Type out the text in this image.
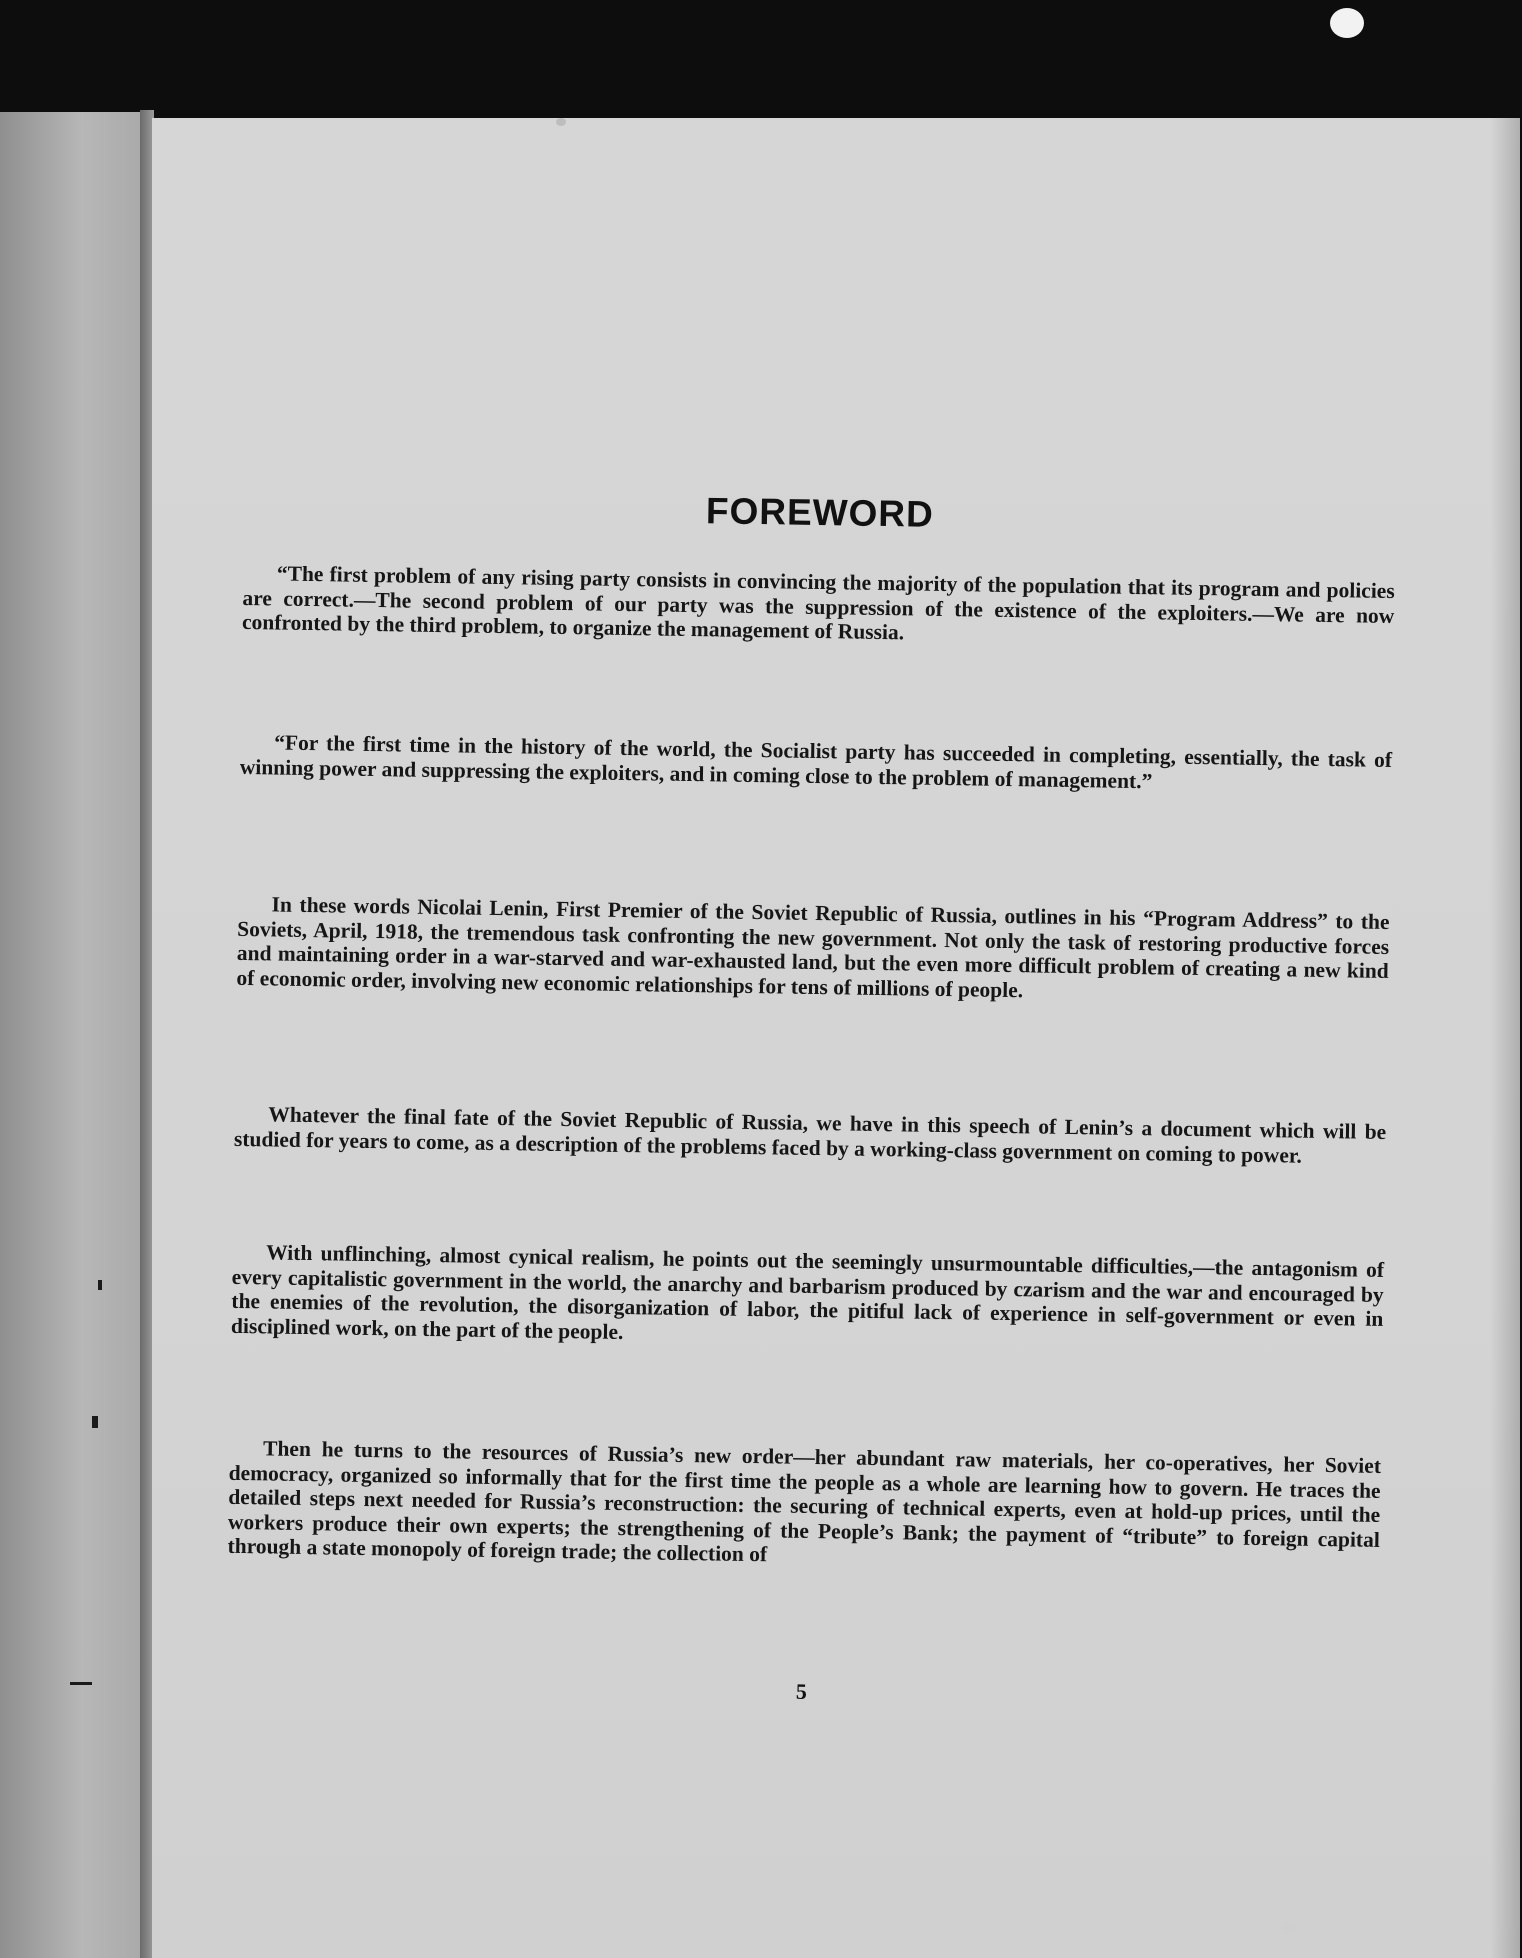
FOREWORD

“The first problem of any rising party consists in convincing the majority of the population that its program and policies are correct.—The second problem of our party was the suppression of the existence of the exploiters.—We are now confronted by the third problem, to organize the management of Russia.

“For the first time in the history of the world, the Socialist party has succeeded in completing, essentially, the task of winning power and suppressing the exploiters, and in coming close to the problem of management.”

In these words Nicolai Lenin, First Premier of the Soviet Republic of Russia, outlines in his “Program Address” to the Soviets, April, 1918, the tremendous task confronting the new government. Not only the task of restoring productive forces and maintaining order in a war-starved and war-exhausted land, but the even more difficult problem of creating a new kind of economic order, involving new economic relationships for tens of millions of people.

Whatever the final fate of the Soviet Republic of Russia, we have in this speech of Lenin’s a document which will be studied for years to come, as a description of the problems faced by a working-class government on coming to power.

With unflinching, almost cynical realism, he points out the seemingly unsurmountable difficulties,—the antagonism of every capitalistic government in the world, the anarchy and barbarism produced by czarism and the war and encouraged by the enemies of the revolution, the disorganization of labor, the pitiful lack of experience in self-government or even in disciplined work, on the part of the people.

Then he turns to the resources of Russia’s new order—her abundant raw materials, her co-operatives, her Soviet democracy, organized so informally that for the first time the people as a whole are learning how to govern. He traces the detailed steps next needed for Russia’s reconstruction: the securing of technical experts, even at hold-up prices, until the workers produce their own experts; the strengthening of the People’s Bank; the payment of “tribute” to foreign capital through a state monopoly of foreign trade; the collection of

5
